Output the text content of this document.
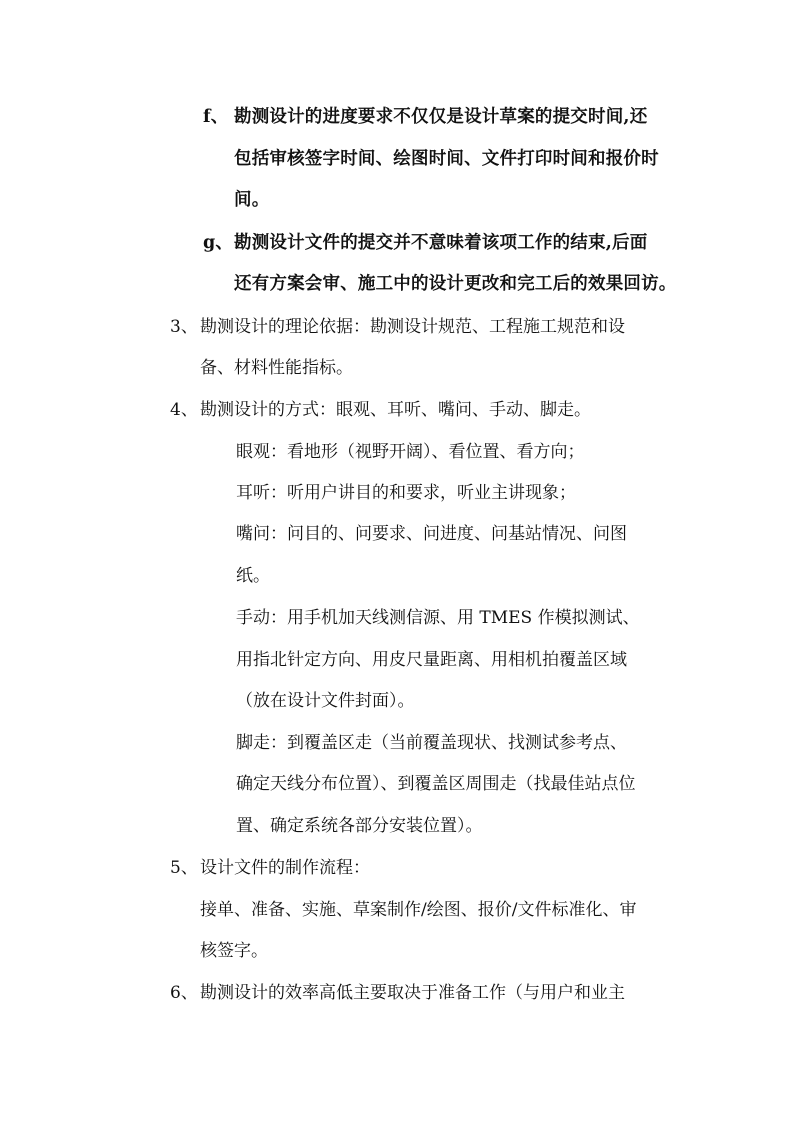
f、 勘测设计的进度要求不仅仅是设计草案的提交时间,还
包括审核签字时间、绘图时间、文件打印时间和报价时
间。
g、 勘测设计文件的提交并不意味着该项工作的结束,后面
还有方案会审、施工中的设计更改和完工后的效果回访。
3、 勘测设计的理论依据：勘测设计规范、工程施工规范和设
备、材料性能指标。
4、 勘测设计的方式：眼观、耳听、嘴问、手动、脚走。
眼观：看地形（视野开阔）、看位置、看方向；
耳听：听用户讲目的和要求，听业主讲现象；
嘴问：问目的、问要求、问进度、问基站情况、问图
纸。
手动：用手机加天线测信源、用 TMES 作模拟测试、
用指北针定方向、用皮尺量距离、用相机拍覆盖区域
（放在设计文件封面）。
脚走：到覆盖区走（当前覆盖现状、找测试参考点、
确定天线分布位置）、到覆盖区周围走（找最佳站点位
置、确定系统各部分安装位置）。
5、 设计文件的制作流程：
接单、准备、实施、草案制作/绘图、报价/文件标准化、审
核签字。
6、 勘测设计的效率高低主要取决于准备工作（与用户和业主
